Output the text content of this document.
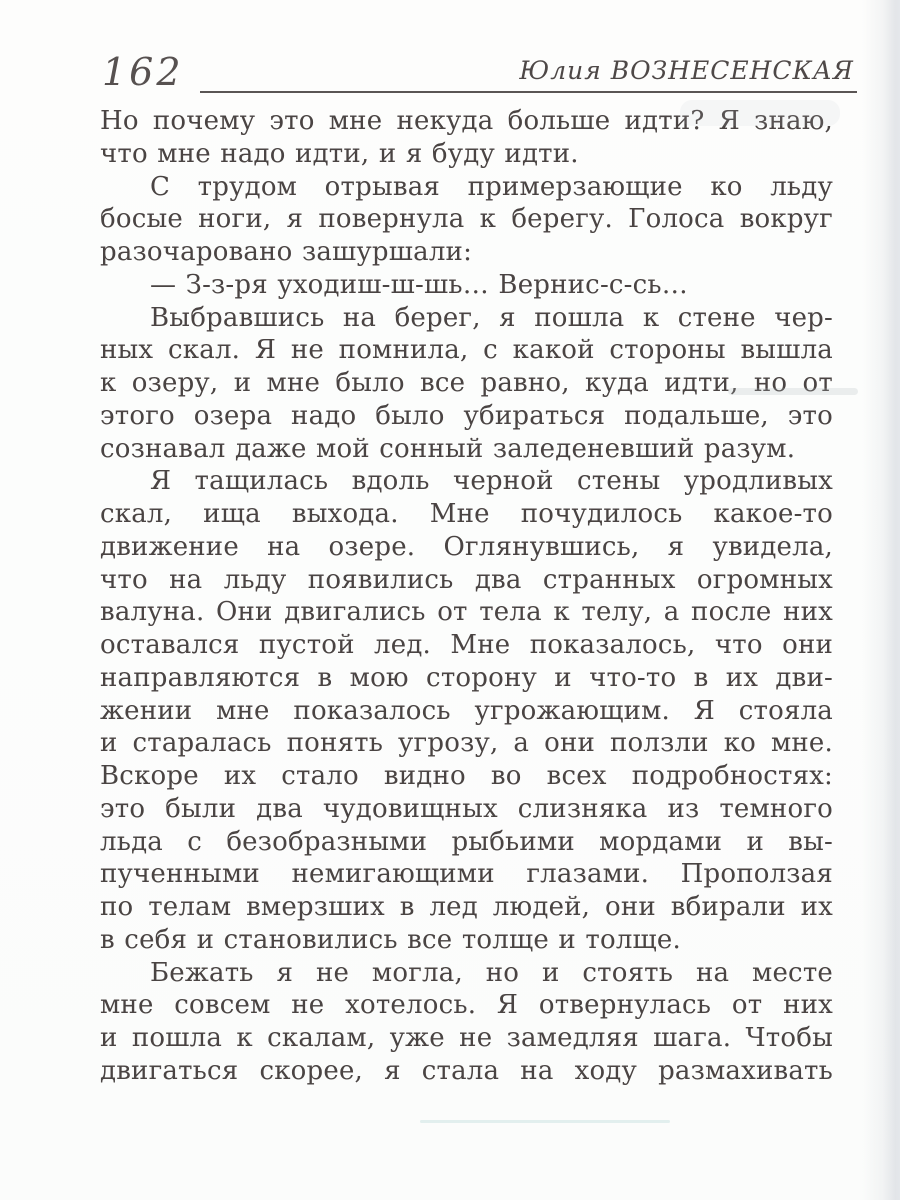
162	Юлия ВОЗНЕСЕНСКАЯ
Но почему это мне некуда больше идти? Я знаю,
что мне надо идти, и я буду идти.
С трудом отрывая примерзающие ко льду
босые ноги, я повернула к берегу. Голоса вокруг
разочаровано зашуршали:
— З-з-ря уходиш-ш-шь… Вернис-с-сь…
Выбравшись на берег, я пошла к стене чер-
ных скал. Я не помнила, с какой стороны вышла
к озеру, и мне было все равно, куда идти, но от
этого озера надо было убираться подальше, это
сознавал даже мой сонный заледеневший разум.
Я тащилась вдоль черной стены уродливых
скал, ища выхода. Мне почудилось какое-то
движение на озере. Оглянувшись, я увидела,
что на льду появились два странных огромных
валуна. Они двигались от тела к телу, а после них
оставался пустой лед. Мне показалось, что они
направляются в мою сторону и что-то в их дви-
жении мне показалось угрожающим. Я стояла
и старалась понять угрозу, а они ползли ко мне.
Вскоре их стало видно во всех подробностях:
это были два чудовищных слизняка из темного
льда с безобразными рыбьими мордами и вы-
пученными немигающими глазами. Проползая
по телам вмерзших в лед людей, они вбирали их
в себя и становились все толще и толще.
Бежать я не могла, но и стоять на месте
мне совсем не хотелось. Я отвернулась от них
и пошла к скалам, уже не замедляя шага. Чтобы
двигаться скорее, я стала на ходу размахивать
